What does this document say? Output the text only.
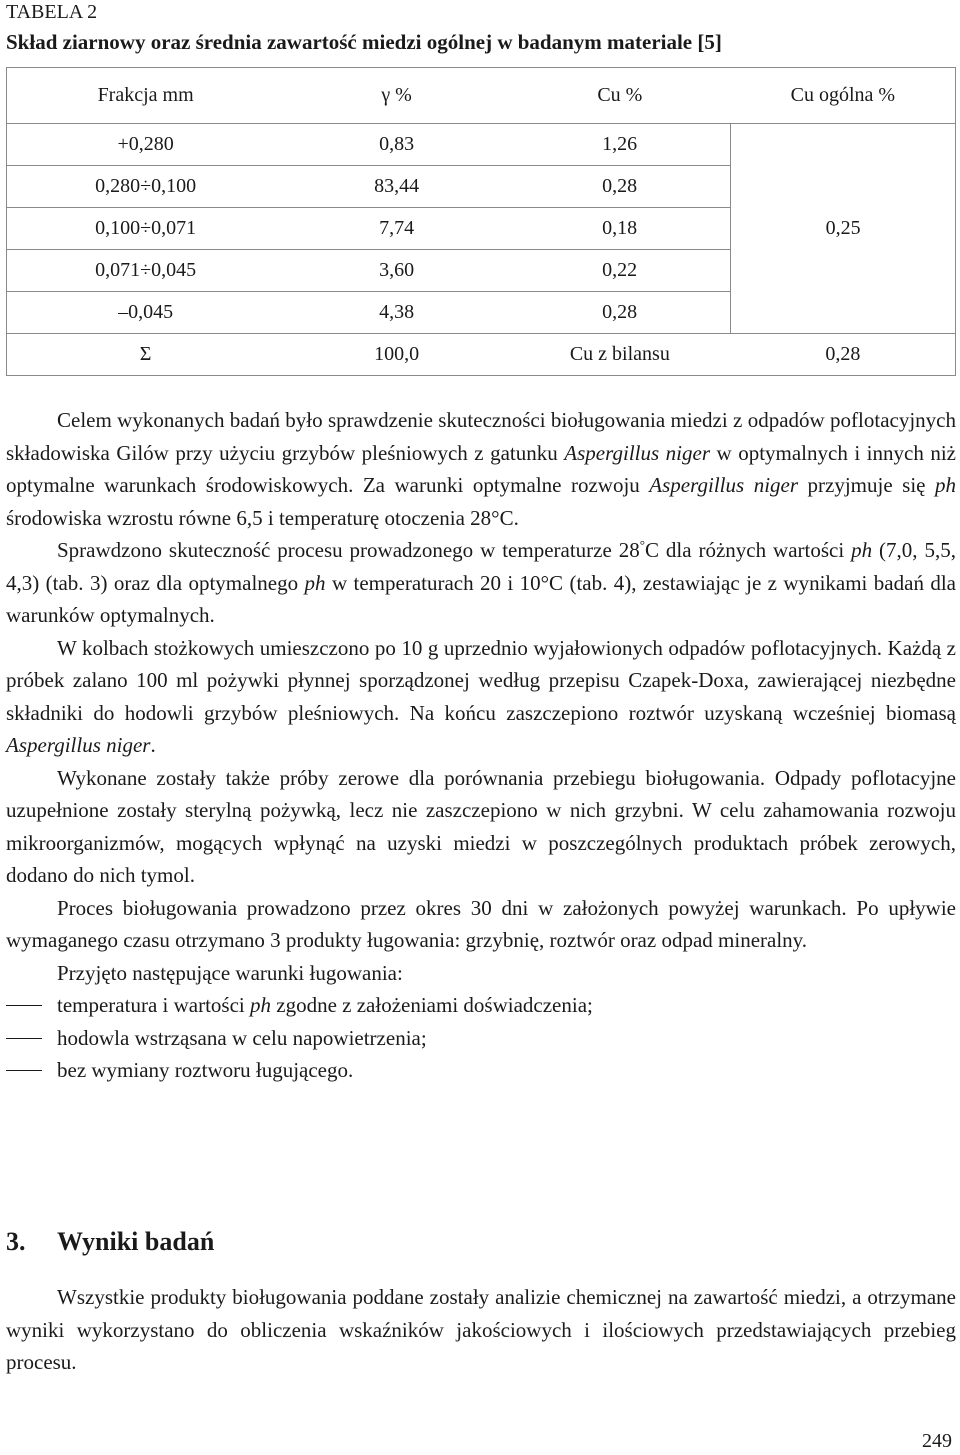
TABELA 2
Skład ziarnowy oraz średnia zawartość miedzi ogólnej w badanym materiale [5]
Frakcja mm	γ %	Cu %	Cu ogólna %
+0,280	0,83	1,26	0,25
0,280÷0,100	83,44	0,28	
0,100÷0,071	7,74	0,18	
0,071÷0,045	3,60	0,22	
–0,045	4,38	0,28	
Σ	100,0	Cu z bilansu	0,28

Celem wykonanych badań było sprawdzenie skuteczności bioługowania miedzi z odpadów poflotacyjnych składowiska Gilów przy użyciu grzybów pleśniowych z gatunku Aspergillus niger w optymalnych i innych niż optymalne warunkach środowiskowych. Za warunki optymalne rozwoju Aspergillus niger przyjmuje się ph środowiska wzrostu równe 6,5 i temperaturę otoczenia 28°C.

Sprawdzono skuteczność procesu prowadzonego w temperaturze 28°C dla różnych wartości ph (7,0, 5,5, 4,3) (tab. 3) oraz dla optymalnego ph w temperaturach 20 i 10°C (tab. 4), zestawiając je z wynikami badań dla warunków optymalnych.

W kolbach stożkowych umieszczono po 10 g uprzednio wyjałowionych odpadów poflotacyjnych. Każdą z próbek zalano 100 ml pożywki płynnej sporządzonej według przepisu Czapek-Doxa, zawierającej niezbędne składniki do hodowli grzybów pleśniowych. Na końcu zaszczepiono roztwór uzyskaną wcześniej biomasą Aspergillus niger.

Wykonane zostały także próby zerowe dla porównania przebiegu bioługowania. Odpady poflotacyjne uzupełnione zostały sterylną pożywką, lecz nie zaszczepiono w nich grzybni. W celu zahamowania rozwoju mikroorganizmów, mogących wpłynąć na uzyski miedzi w poszczególnych produktach próbek zerowych, dodano do nich tymol.

Proces bioługowania prowadzono przez okres 30 dni w założonych powyżej warunkach. Po upływie wymaganego czasu otrzymano 3 produkty ługowania: grzybnię, roztwór oraz odpad mineralny.

Przyjęto następujące warunki ługowania:

temperatura i wartości ph zgodne z założeniami doświadczenia;
hodowla wstrząsana w celu napowietrzenia;
bez wymiany roztworu ługującego.
3. Wyniki badań

Wszystkie produkty bioługowania poddane zostały analizie chemicznej na zawartość miedzi, a otrzymane wyniki wykorzystano do obliczenia wskaźników jakościowych i ilościowych przedstawiających przebieg procesu.

249
